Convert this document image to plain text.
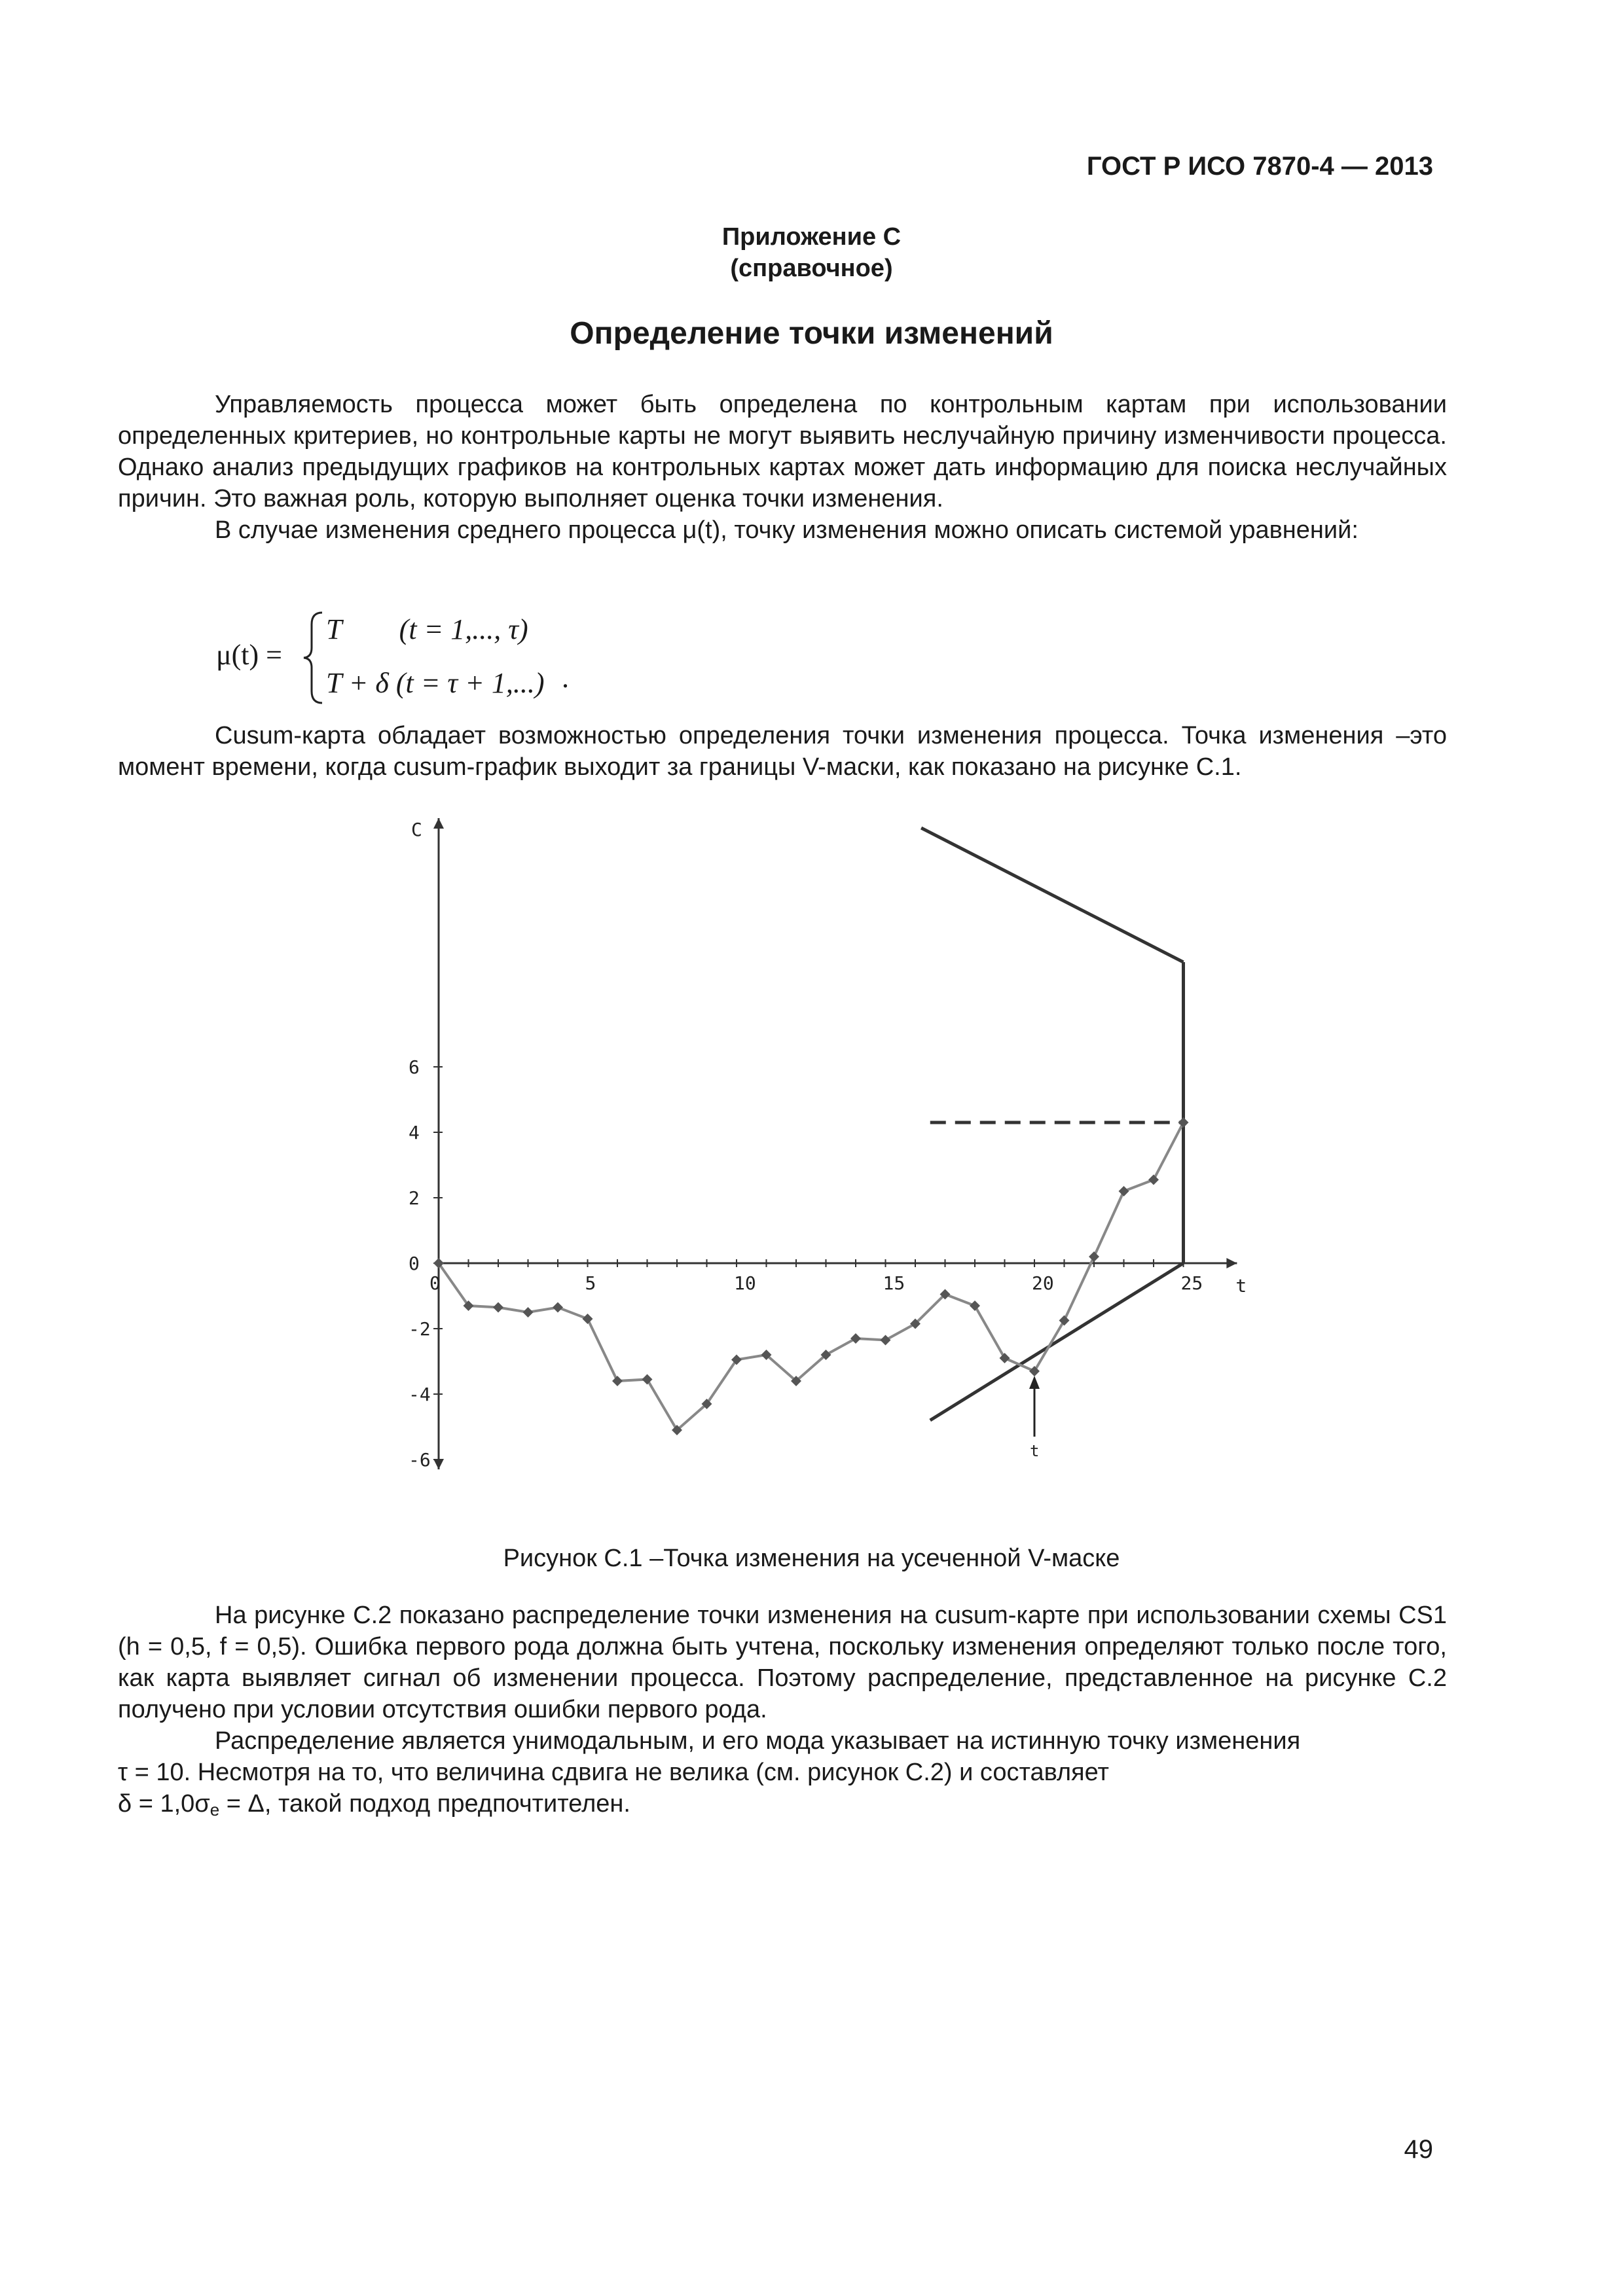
ГОСТ Р ИСО 7870-4 — 2013
Приложение С
(справочное)
Определение точки изменений

Управляемость процесса может быть определена по контрольным картам при использовании определенных критериев, но контрольные карты не могут выявить неслучайную причину изменчивости процесса. Однако анализ предыдущих графиков на контрольных картах может дать информацию для поиска неслучайных причин. Это важная роль, которую выполняет оценка точки изменения.

В случае изменения среднего процесса μ(t), точку изменения можно описать системой уравнений:

μ(t) =
T        (t = 1,..., τ)
T + δ (t = τ + 1,...) .

Cusum-карта обладает возможностью определения точки изменения процесса. Точка изменения –это момент времени, когда cusum-график выходит за границы V-маски, как показано на рисунке С.1.

C
t
0	5	10	15	20	25
6
4
2
0
-2
-4
-6	t
Рисунок С.1 –Точка изменения на усеченной V-маске

На рисунке С.2 показано распределение точки изменения на cusum-карте при использовании схемы CS1 (h = 0,5, f = 0,5). Ошибка первого рода должна быть учтена, поскольку изменения определяют только после того, как карта выявляет сигнал об изменении процесса. Поэтому распределение, представленное на рисунке С.2 получено при условии отсутствия ошибки первого рода.

Распределение является унимодальным, и его мода указывает на истинную точку изменения

τ = 10. Несмотря на то, что величина сдвига не велика (см. рисунок С.2) и составляет
$\delta = 1,0\sigma_e = \Delta$, такой подход предпочтителен.
49
